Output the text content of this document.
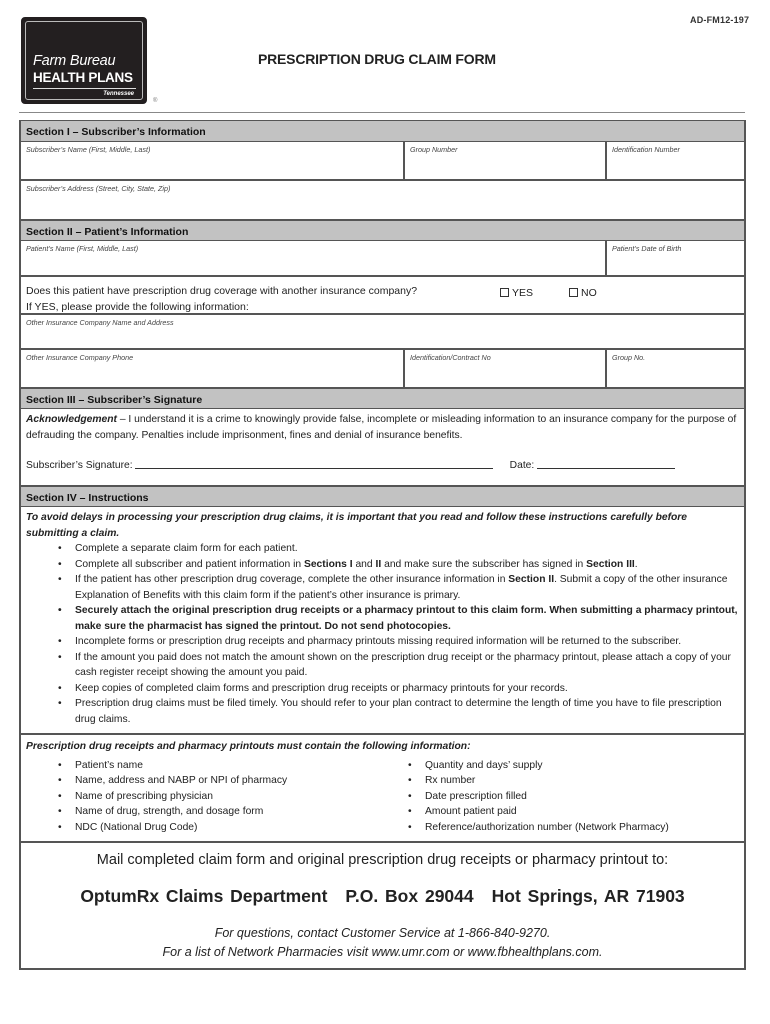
AD-FM12-197
Farm Bureau
HEALTH PLANS
Tennessee
®
PRESCRIPTION DRUG CLAIM FORM
Section I – Subscriber’s Information
Subscriber’s Name (First, Middle, Last)	Group Number	Identification Number
Subscriber’s Address (Street, City, State, Zip)
Section II – Patient’s Information
Patient’s Name (First, Middle, Last)	Patient’s Date of Birth
Does this patient have prescription drug coverage with another insurance company?
If YES, please provide the following information:
YES	NO
Other Insurance Company Name and Address
Other Insurance Company Phone	Identification/Contract No	Group No.
Section III – Subscriber’s Signature
Acknowledgement – I understand it is a crime to knowingly provide false, incomplete or misleading information to an insurance company for the purpose of defrauding the company. Penalties include imprisonment, fines and denial of insurance benefits.
Subscriber’s Signature:	Date:
Section IV – Instructions
To avoid delays in processing your prescription drug claims, it is important that you read and follow these instructions carefully before submitting a claim.
• Complete a separate claim form for each patient.
• Complete all subscriber and patient information in Sections I and II and make sure the subscriber has signed in Section III.
• If the patient has other prescription drug coverage, complete the other insurance information in Section II. Submit a copy of the other insurance Explanation of Benefits with this claim form if the patient’s other insurance is primary.
• Securely attach the original prescription drug receipts or a pharmacy printout to this claim form. When submitting a pharmacy printout, make sure the pharmacist has signed the printout. Do not send photocopies.
• Incomplete forms or prescription drug receipts and pharmacy printouts missing required information will be returned to the subscriber.
• If the amount you paid does not match the amount shown on the prescription drug receipt or the pharmacy printout, please attach a copy of your cash register receipt showing the amount you paid.
• Keep copies of completed claim forms and prescription drug receipts or pharmacy printouts for your records.
• Prescription drug claims must be filed timely. You should refer to your plan contract to determine the length of time you have to file prescription drug claims.
Prescription drug receipts and pharmacy printouts must contain the following information:
• Patient’s name
• Name, address and NABP or NPI of pharmacy
• Name of prescribing physician
• Name of drug, strength, and dosage form
• NDC (National Drug Code)
• Quantity and days’ supply
• Rx number
• Date prescription filled
• Amount patient paid
• Reference/authorization number (Network Pharmacy)
Mail completed claim form and original prescription drug receipts or pharmacy printout to:
OptumRx Claims Department P.O. Box 29044 Hot Springs, AR 71903
For questions, contact Customer Service at 1-866-840-9270.
For a list of Network Pharmacies visit www.umr.com or www.fbhealthplans.com.
